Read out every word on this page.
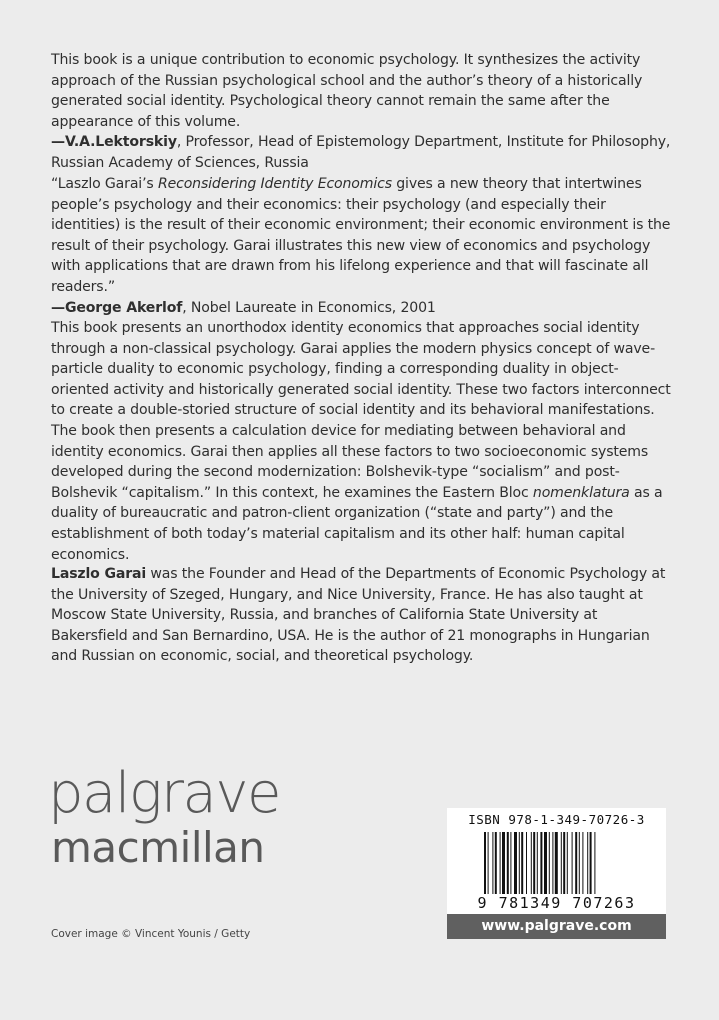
This book is a unique contribution to economic psychology. It synthesizes the activity approach of the Russian psychological school and the author’s theory of a historically generated social identity. Psychological theory cannot remain the same after the appearance of this volume.
—V.A.Lektorskiy, Professor, Head of Epistemology Department, Institute for Philosophy, Russian Academy of Sciences, Russia

“Laszlo Garai’s Reconsidering Identity Economics gives a new theory that intertwines people’s psychology and their economics: their psychology (and especially their identities) is the result of their economic environment; their economic environment is the result of their psychology. Garai illustrates this new view of economics and psychology with applications that are drawn from his lifelong experience and that will fascinate all readers.”
—George Akerlof, Nobel Laureate in Economics, 2001

This book presents an unorthodox identity economics that approaches social identity through a non-classical psychology. Garai applies the modern physics concept of wave-particle duality to economic psychology, finding a corresponding duality in object-oriented activity and historically generated social identity. These two factors interconnect to create a double-storied structure of social identity and its behavioral manifestations. The book then presents a calculation device for mediating between behavioral and identity economics. Garai then applies all these factors to two socioeconomic systems developed during the second modernization: Bolshevik-type “socialism” and post-Bolshevik “capitalism.” In this context, he examines the Eastern Bloc nomenklatura as a duality of bureaucratic and patron-client organization (“state and party”) and the establishment of both today’s material capitalism and its other half: human capital economics.

Laszlo Garai was the Founder and Head of the Departments of Economic Psychology at the University of Szeged, Hungary, and Nice University, France. He has also taught at Moscow State University, Russia, and branches of California State University at Bakersfield and San Bernardino, USA. He is the author of 21 monographs in Hungarian and Russian on economic, social, and theoretical psychology.

palgrave
macmillan
Cover image © Vincent Younis / Getty
ISBN 978-1-349-70726-3
9 781349 707263
www.palgrave.com
